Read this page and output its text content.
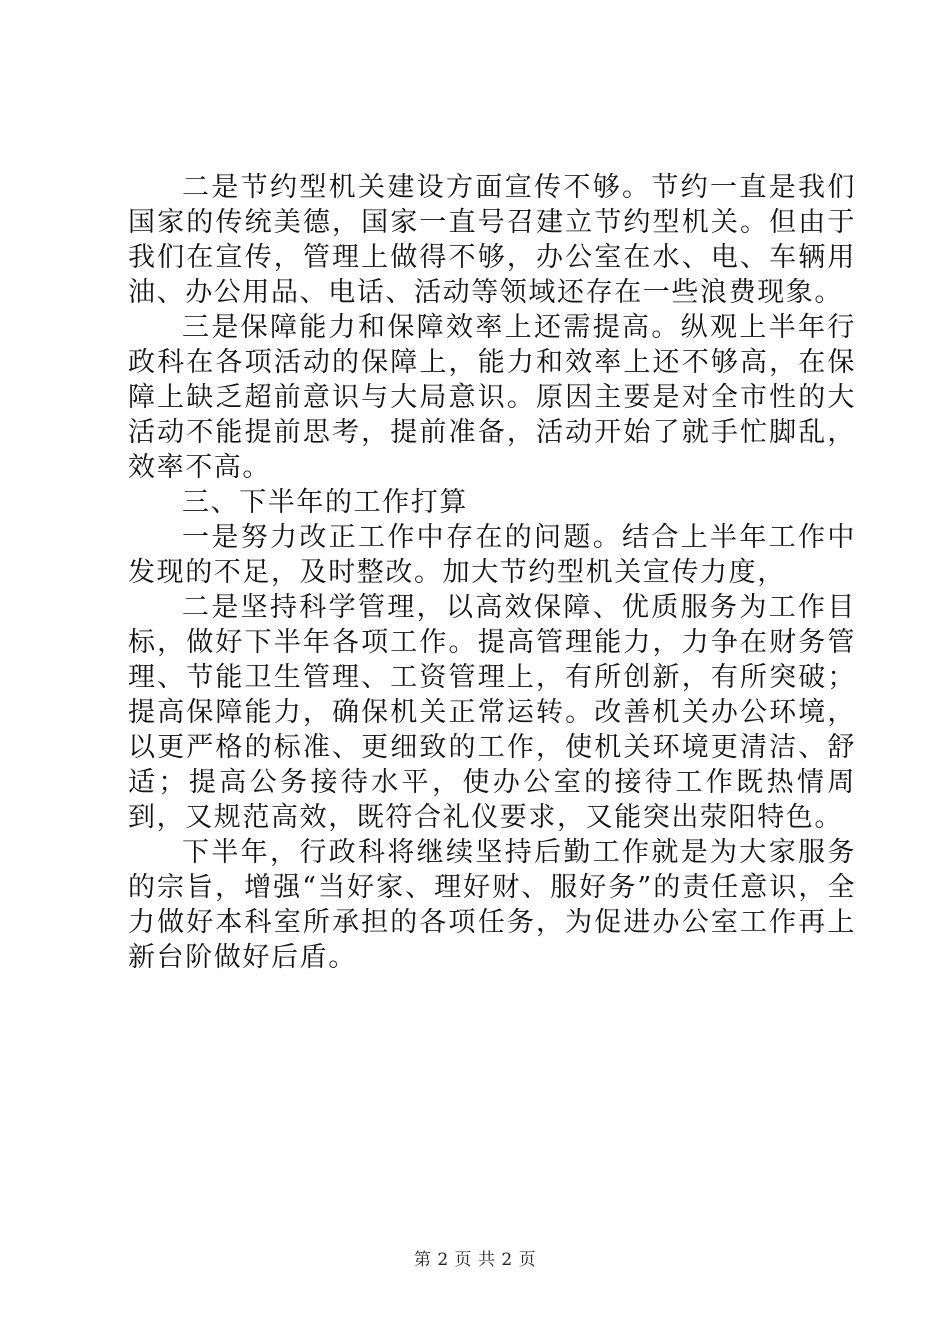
二是节约型机关建设方面宣传不够。节约一直是我们国家的传统美德，国家一直号召建立节约型机关。但由于我们在宣传，管理上做得不够，办公室在水、电、车辆用油、办公用品、电话、活动等领域还存在一些浪费现象。

三是保障能力和保障效率上还需提高。纵观上半年行政科在各项活动的保障上，能力和效率上还不够高，在保障上缺乏超前意识与大局意识。原因主要是对全市性的大活动不能提前思考，提前准备，活动开始了就手忙脚乱，效率不高。

三、下半年的工作打算

一是努力改正工作中存在的问题。结合上半年工作中发现的不足，及时整改。加大节约型机关宣传力度，

二是坚持科学管理，以高效保障、优质服务为工作目标，做好下半年各项工作。提高管理能力，力争在财务管理、节能卫生管理、工资管理上，有所创新，有所突破；提高保障能力，确保机关正常运转。改善机关办公环境，以更严格的标准、更细致的工作，使机关环境更清洁、舒适；提高公务接待水平，使办公室的接待工作既热情周到，又规范高效，既符合礼仪要求，又能突出荥阳特色。

下半年，行政科将继续坚持后勤工作就是为大家服务的宗旨，增强“当好家、理好财、服好务”的责任意识，全力做好本科室所承担的各项任务，为促进办公室工作再上新台阶做好后盾。

第 2 页 共 2 页
